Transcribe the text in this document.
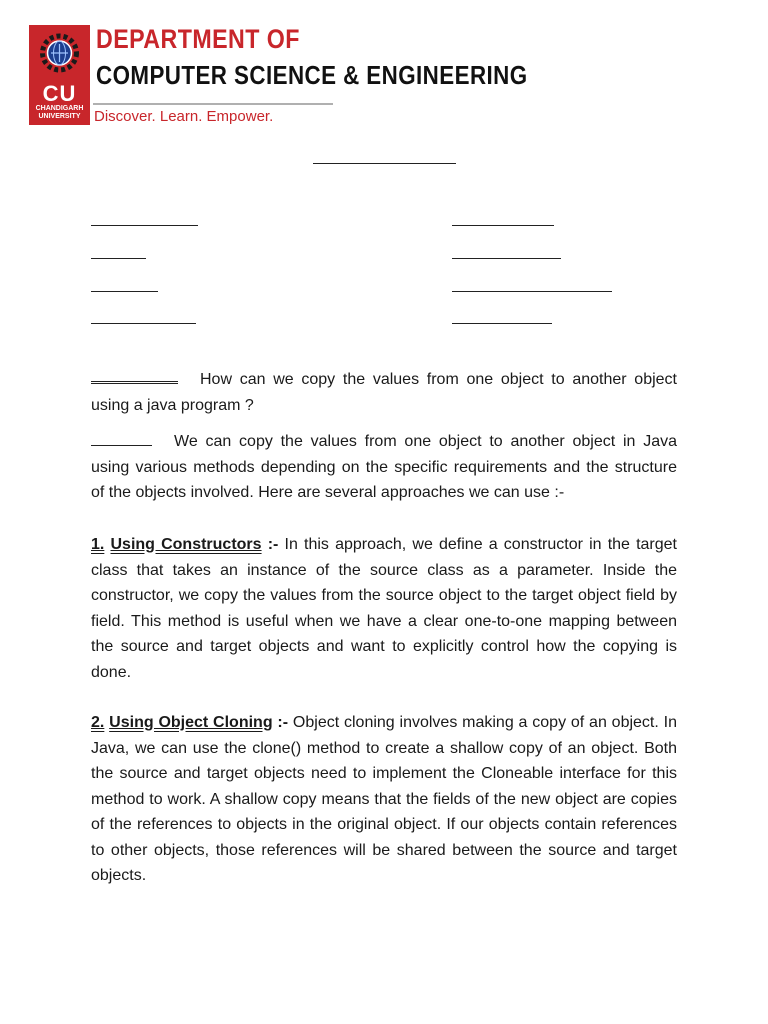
CU
CHANDIGARH
UNIVERSITY
DEPARTMENT OF
COMPUTER SCIENCE & ENGINEERING
Discover. Learn. Empower.
How can we copy the values from one object to another object using a java program ?
We can copy the values from one object to another object in Java using various methods depending on the specific requirements and the structure of the objects involved. Here are several approaches we can use :-
1. Using Constructors :- In this approach, we define a constructor in the target class that takes an instance of the source class as a parameter. Inside the constructor, we copy the values from the source object to the target object field by field. This method is useful when we have a clear one-to-one mapping between the source and target objects and want to explicitly control how the copying is done.
2. Using Object Cloning :- Object cloning involves making a copy of an object. In Java, we can use the clone() method to create a shallow copy of an object. Both the source and target objects need to implement the Cloneable interface for this method to work. A shallow copy means that the fields of the new object are copies of the references to objects in the original object. If our objects contain references to other objects, those references will be shared between the source and target objects.
